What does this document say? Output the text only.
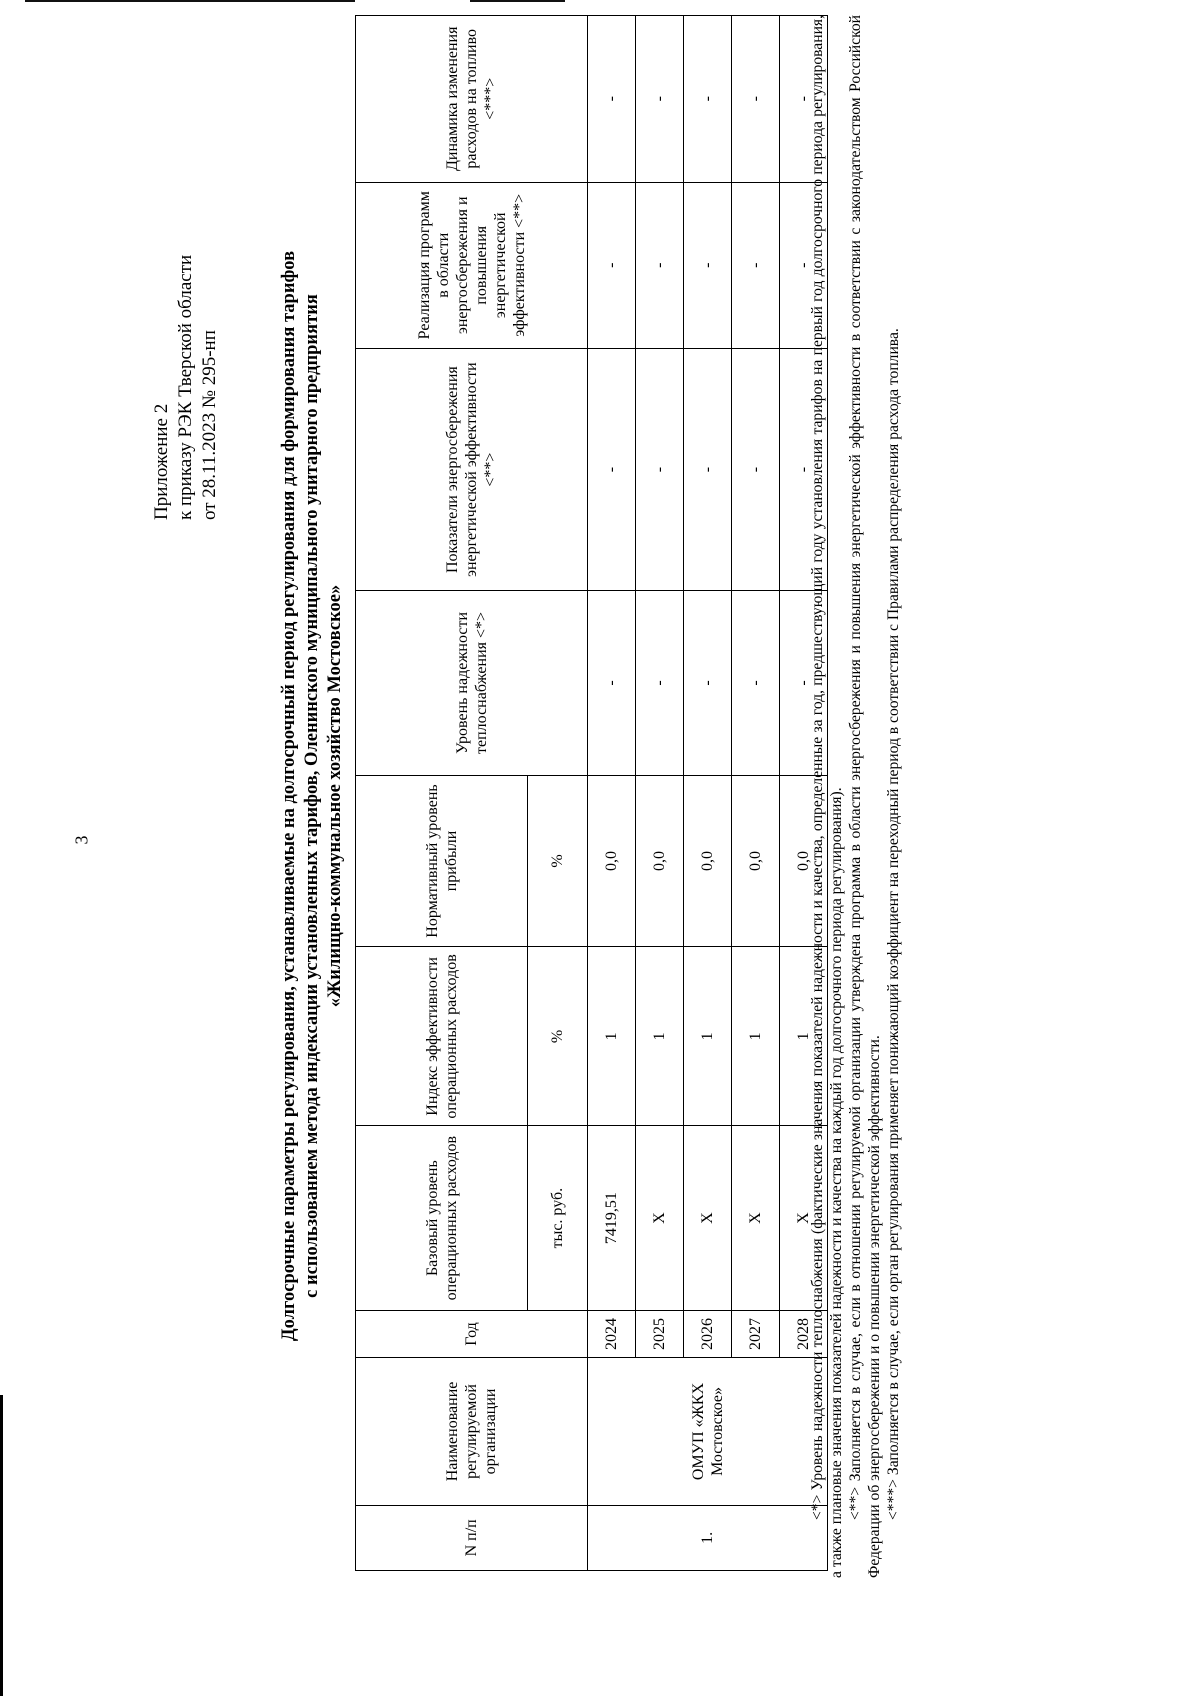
3
Приложение 2 к приказу РЭК Тверской области от 28.11.2023 № 295-нп	Долгосрочные параметры регулирования, устанавливаемые на долгосрочный период регулирования для формирования тарифов с использованием метода индексации установленных тарифов, Оленинского муниципального унитарного предприятия «Жилищно-коммунальное хозяйство Мостовское»
N п/п	Наименование регулируемой организации	Год	Базовый уровень операционных расходов	Индекс эффективности операционных расходов	Нормативный уровень прибыли	Уровень надежности теплоснабжения <*>	Показатели энергосбережения энергетической эффективности <**>	Реализация программ в области энергосбережения и повышения энергетической эффективности <**>	Динамика изменения расходов на топливо <***>
			тыс. руб.	%	%				
1.	ОМУП «ЖКХ Мостовское»	2024	7419,51	1	0,0	-	-	-	-
		2025	Х	1	0,0	-	-	-	-
		2026	Х	1	0,0	-	-	-	-
		2027	Х	1	0,0	-	-	-	-
		2028	Х	1	0,0	-	-	-	-

<*> Уровень надежности теплоснабжения (фактические значения показателей надежности и качества, определенные за год, предшествующий году установления тарифов на первый год долгосрочного периода регулирования, а также плановые значения показателей надежности и качества на каждый год долгосрочного периода регулирования). <**> Заполняется в случае, если в отношении регулируемой организации утверждена программа в области энергосбережения и повышения энергетической эффективности в соответствии с законодательством Российской Федерации об энергосбережении и о повышении энергетической эффективности. <***> Заполняется в случае, если орган регулирования применяет понижающий коэффициент на переходный период в соответствии с Правилами распределения расхода топлива.
